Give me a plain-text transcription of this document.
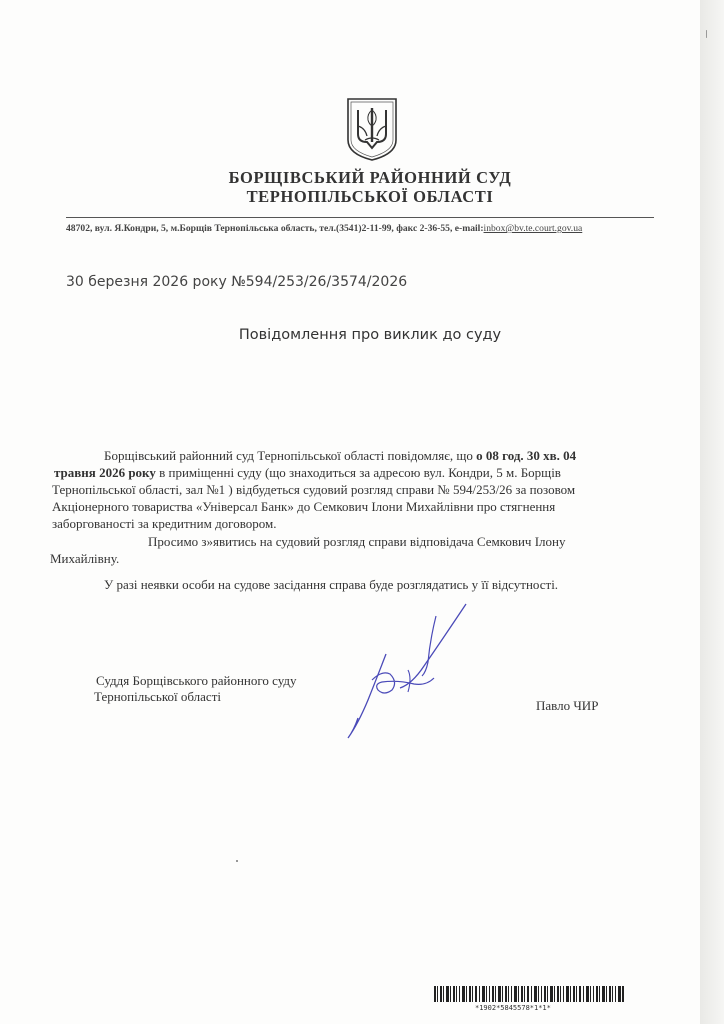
БОРЩІВСЬКИЙ РАЙОННИЙ СУД
ТЕРНОПІЛЬСЬКОЇ ОБЛАСТІ
48702, вул. Я.Кондри, 5, м.Борщів Тернопільська область, тел.(3541)2-11-99, факс 2-36-55, e-mail:inbox@bv.te.court.gov.ua
30 березня 2026 року №594/253/26/3574/2026
Повідомлення про виклик до суду
Борщівський районний суд Тернопільської області повідомляє, що о 08 год. 30 хв. 04
травня 2026 року в приміщенні суду (що знаходиться за адресою вул. Кондри, 5 м. Борщів
Тернопільської області, зал №1 ) відбудеться судовий розгляд справи № 594/253/26 за позовом
Акціонерного товариства «Універсал Банк» до Семкович Ілони Михайлівни про стягнення
заборгованості за кредитним договором.
Просимо з»явитись на судовий розгляд справи відповідача Семкович Ілону
Михайлівну.
У разі неявки особи на судове засідання справа буде розглядатись у її відсутності.
Суддя Борщівського районного суду
Тернопільської області
Павло ЧИР
*1902*5845578*1*1*
